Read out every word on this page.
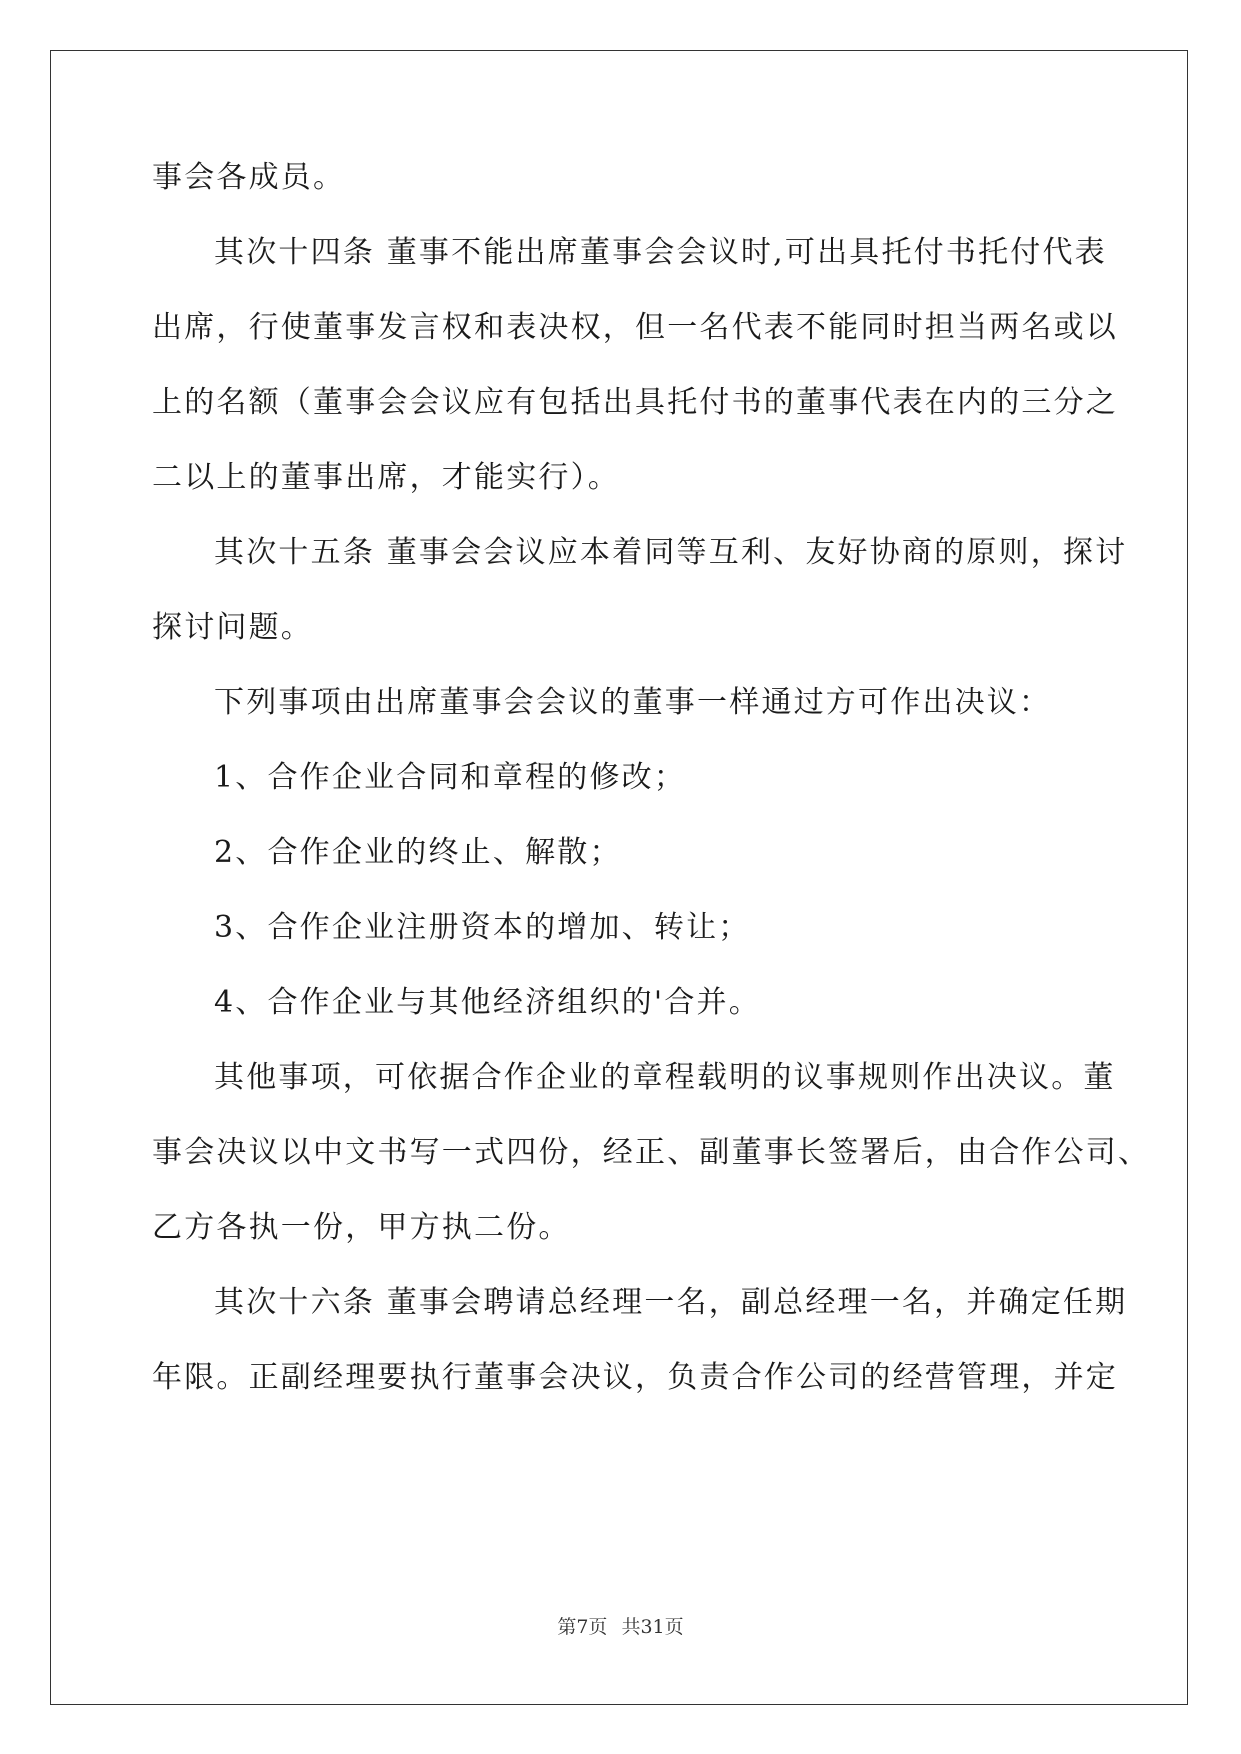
事会各成员。
其次十四条 董事不能出席董事会会议时,可出具托付书托付代表
出席，行使董事发言权和表决权，但一名代表不能同时担当两名或以
上的名额（董事会会议应有包括出具托付书的董事代表在内的三分之
二以上的董事出席，才能实行）。
其次十五条 董事会会议应本着同等互利、友好协商的原则，探讨
探讨问题。
下列事项由出席董事会会议的董事一样通过方可作出决议：
1、合作企业合同和章程的修改；
2、合作企业的终止、解散；
3、合作企业注册资本的增加、转让；
4、合作企业与其他经济组织的'合并。
其他事项，可依据合作企业的章程载明的议事规则作出决议。董
事会决议以中文书写一式四份，经正、副董事长签署后，由合作公司、
乙方各执一份，甲方执二份。
其次十六条 董事会聘请总经理一名，副总经理一名，并确定任期
年限。正副经理要执行董事会决议，负责合作公司的经营管理，并定
第7页 共31页
